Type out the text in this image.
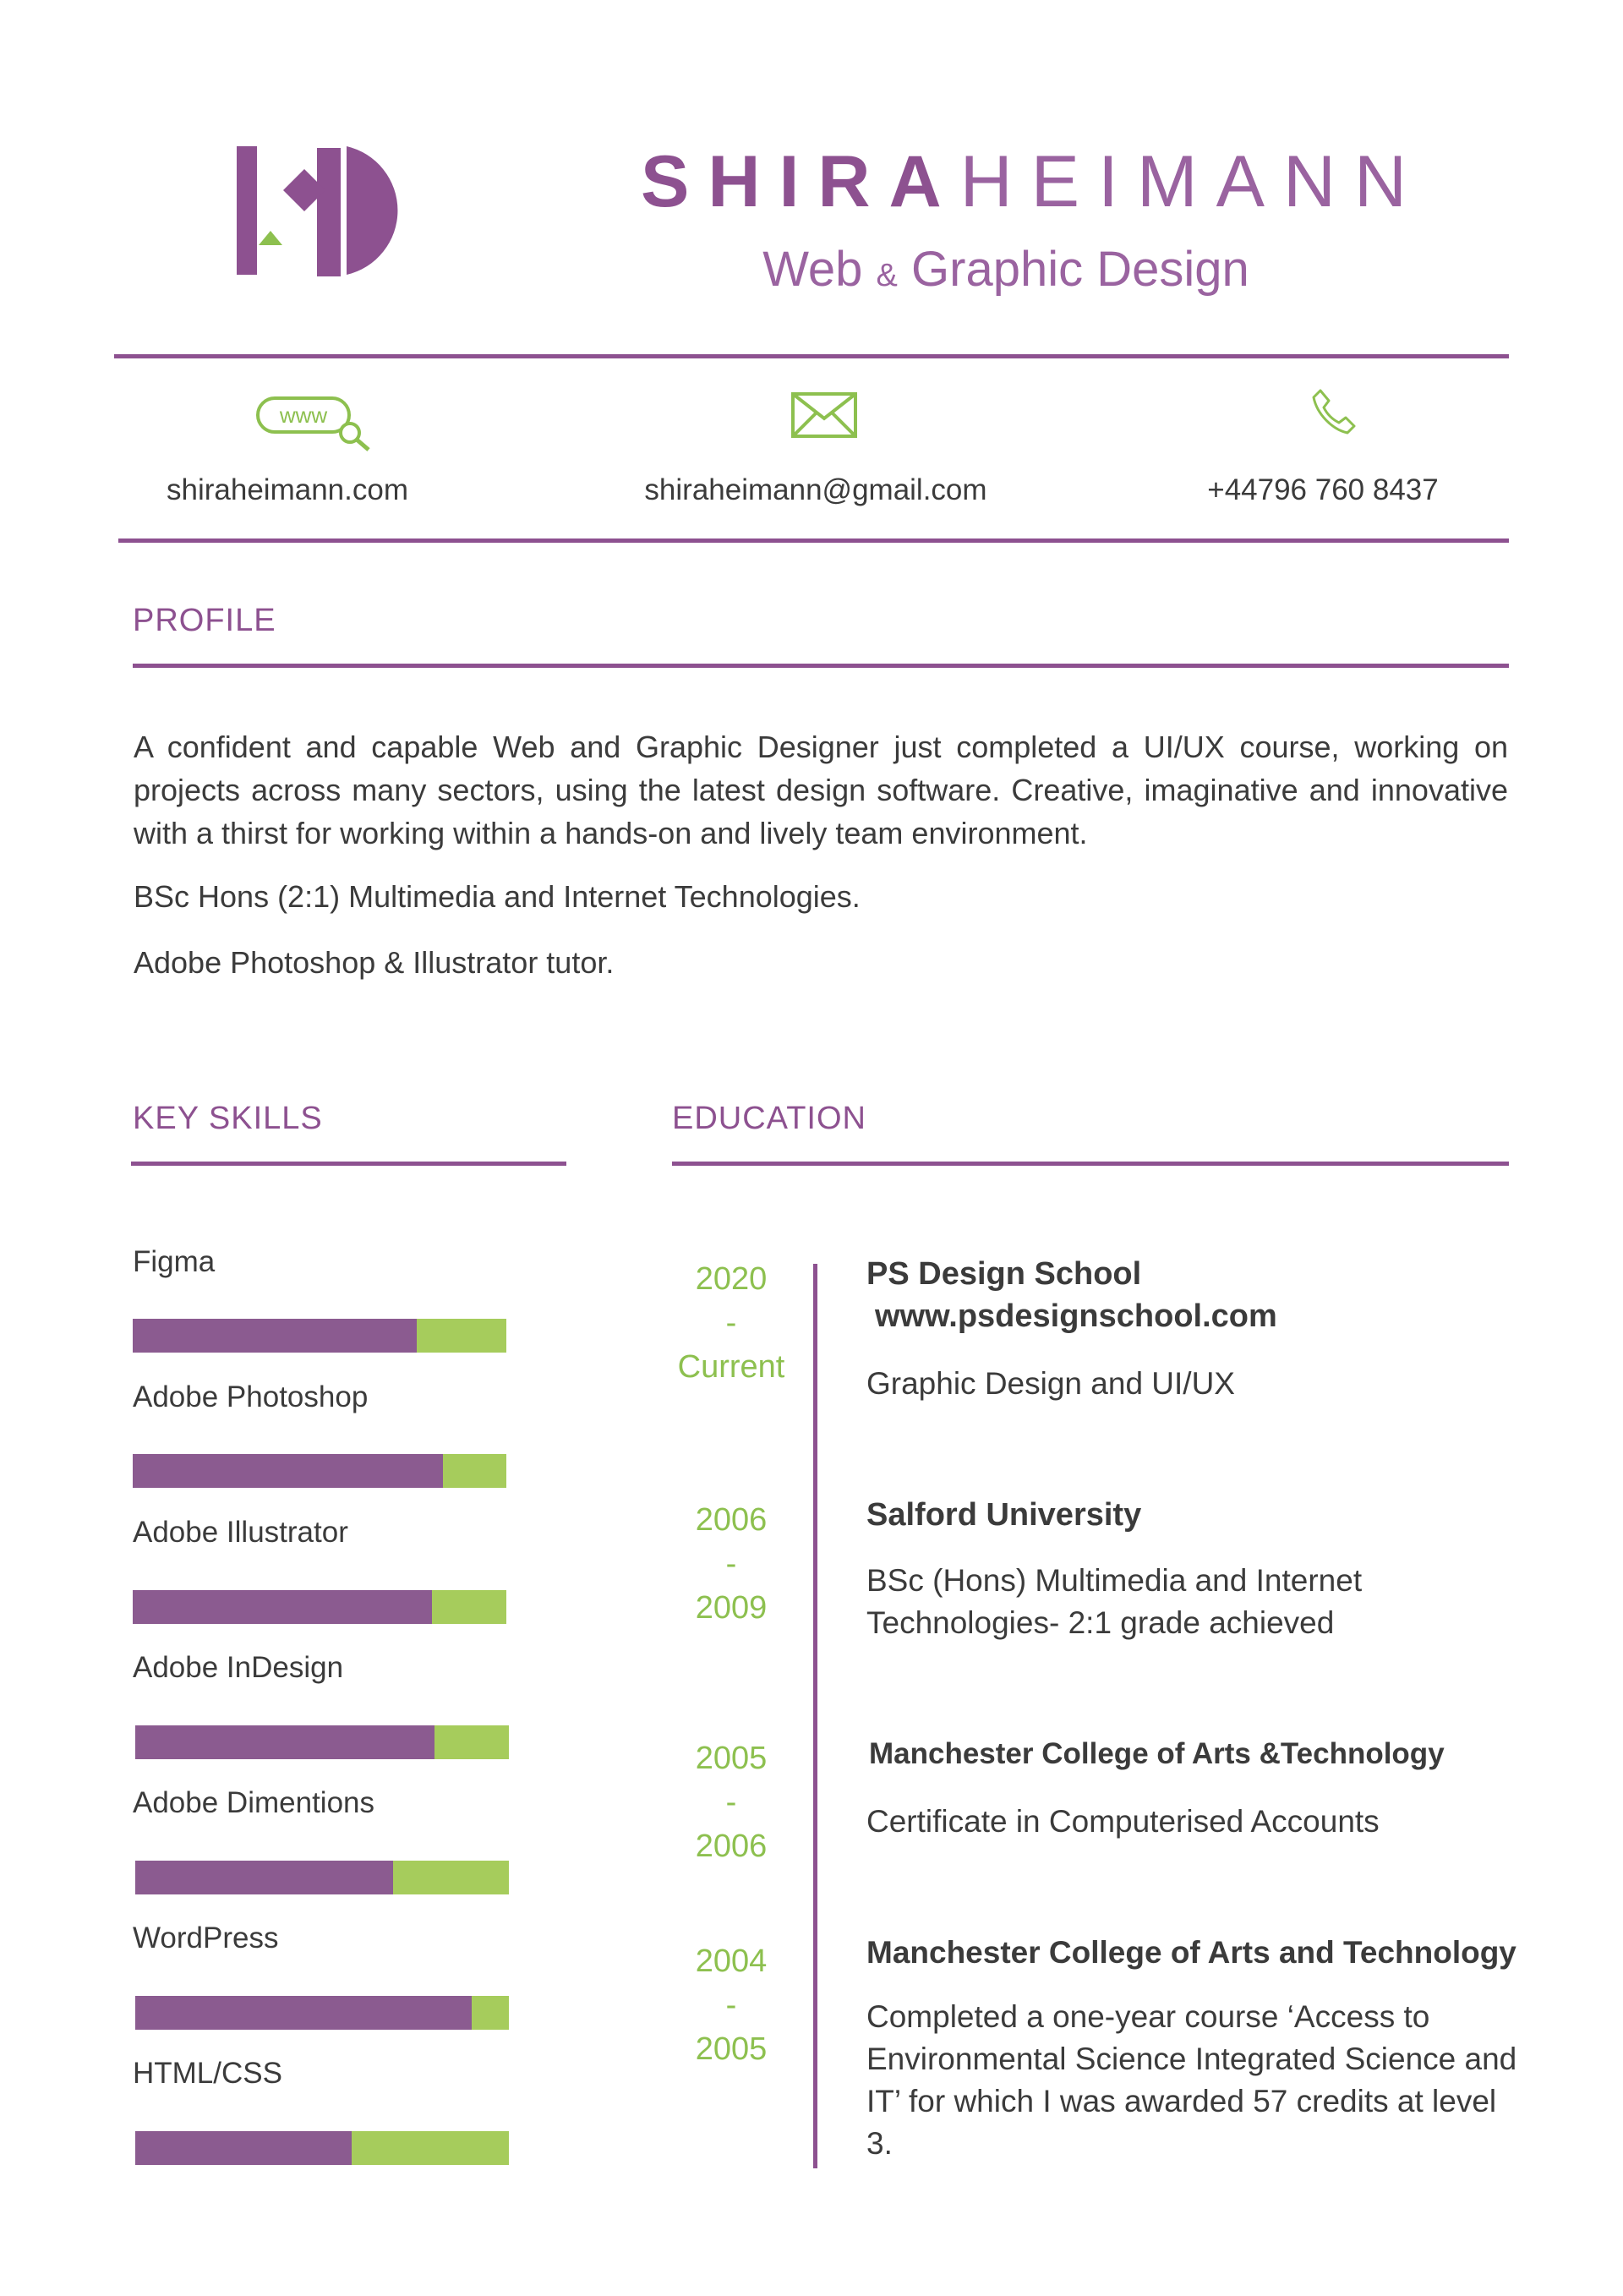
SHIRAHEIMANN
Web & Graphic Design
www
shiraheimann.com	shiraheimann@gmail.com	+44796 760 8437
PROFILE

A confident and capable Web and Graphic Designer just completed a UI/UX course, working on projects across many sectors, using the latest design software. Creative, imaginative and innovative with a thirst for working within a hands-on and lively team environment.

BSc Hons (2:1) Multimedia and Internet Technologies.
Adobe Photoshop & Illustrator tutor.
KEY SKILLS
Figma
Adobe Photoshop
Adobe Illustrator
Adobe InDesign
Adobe Dimentions
WordPress
HTML/CSS
EDUCATION
2020
-
Current
PS Design School
www.psdesignschool.com
Graphic Design and UI/UX
2006
-
2009
Salford University
BSc (Hons) Multimedia and Internet Technologies- 2:1 grade achieved
2005
-
2006
Manchester College of Arts &Technology
Certificate in Computerised Accounts
2004
-
2005
Manchester College of Arts and Technology
Completed a one-year course ‘Access to Environmental Science Integrated Science and IT’ for which I was awarded 57 credits at level 3.
